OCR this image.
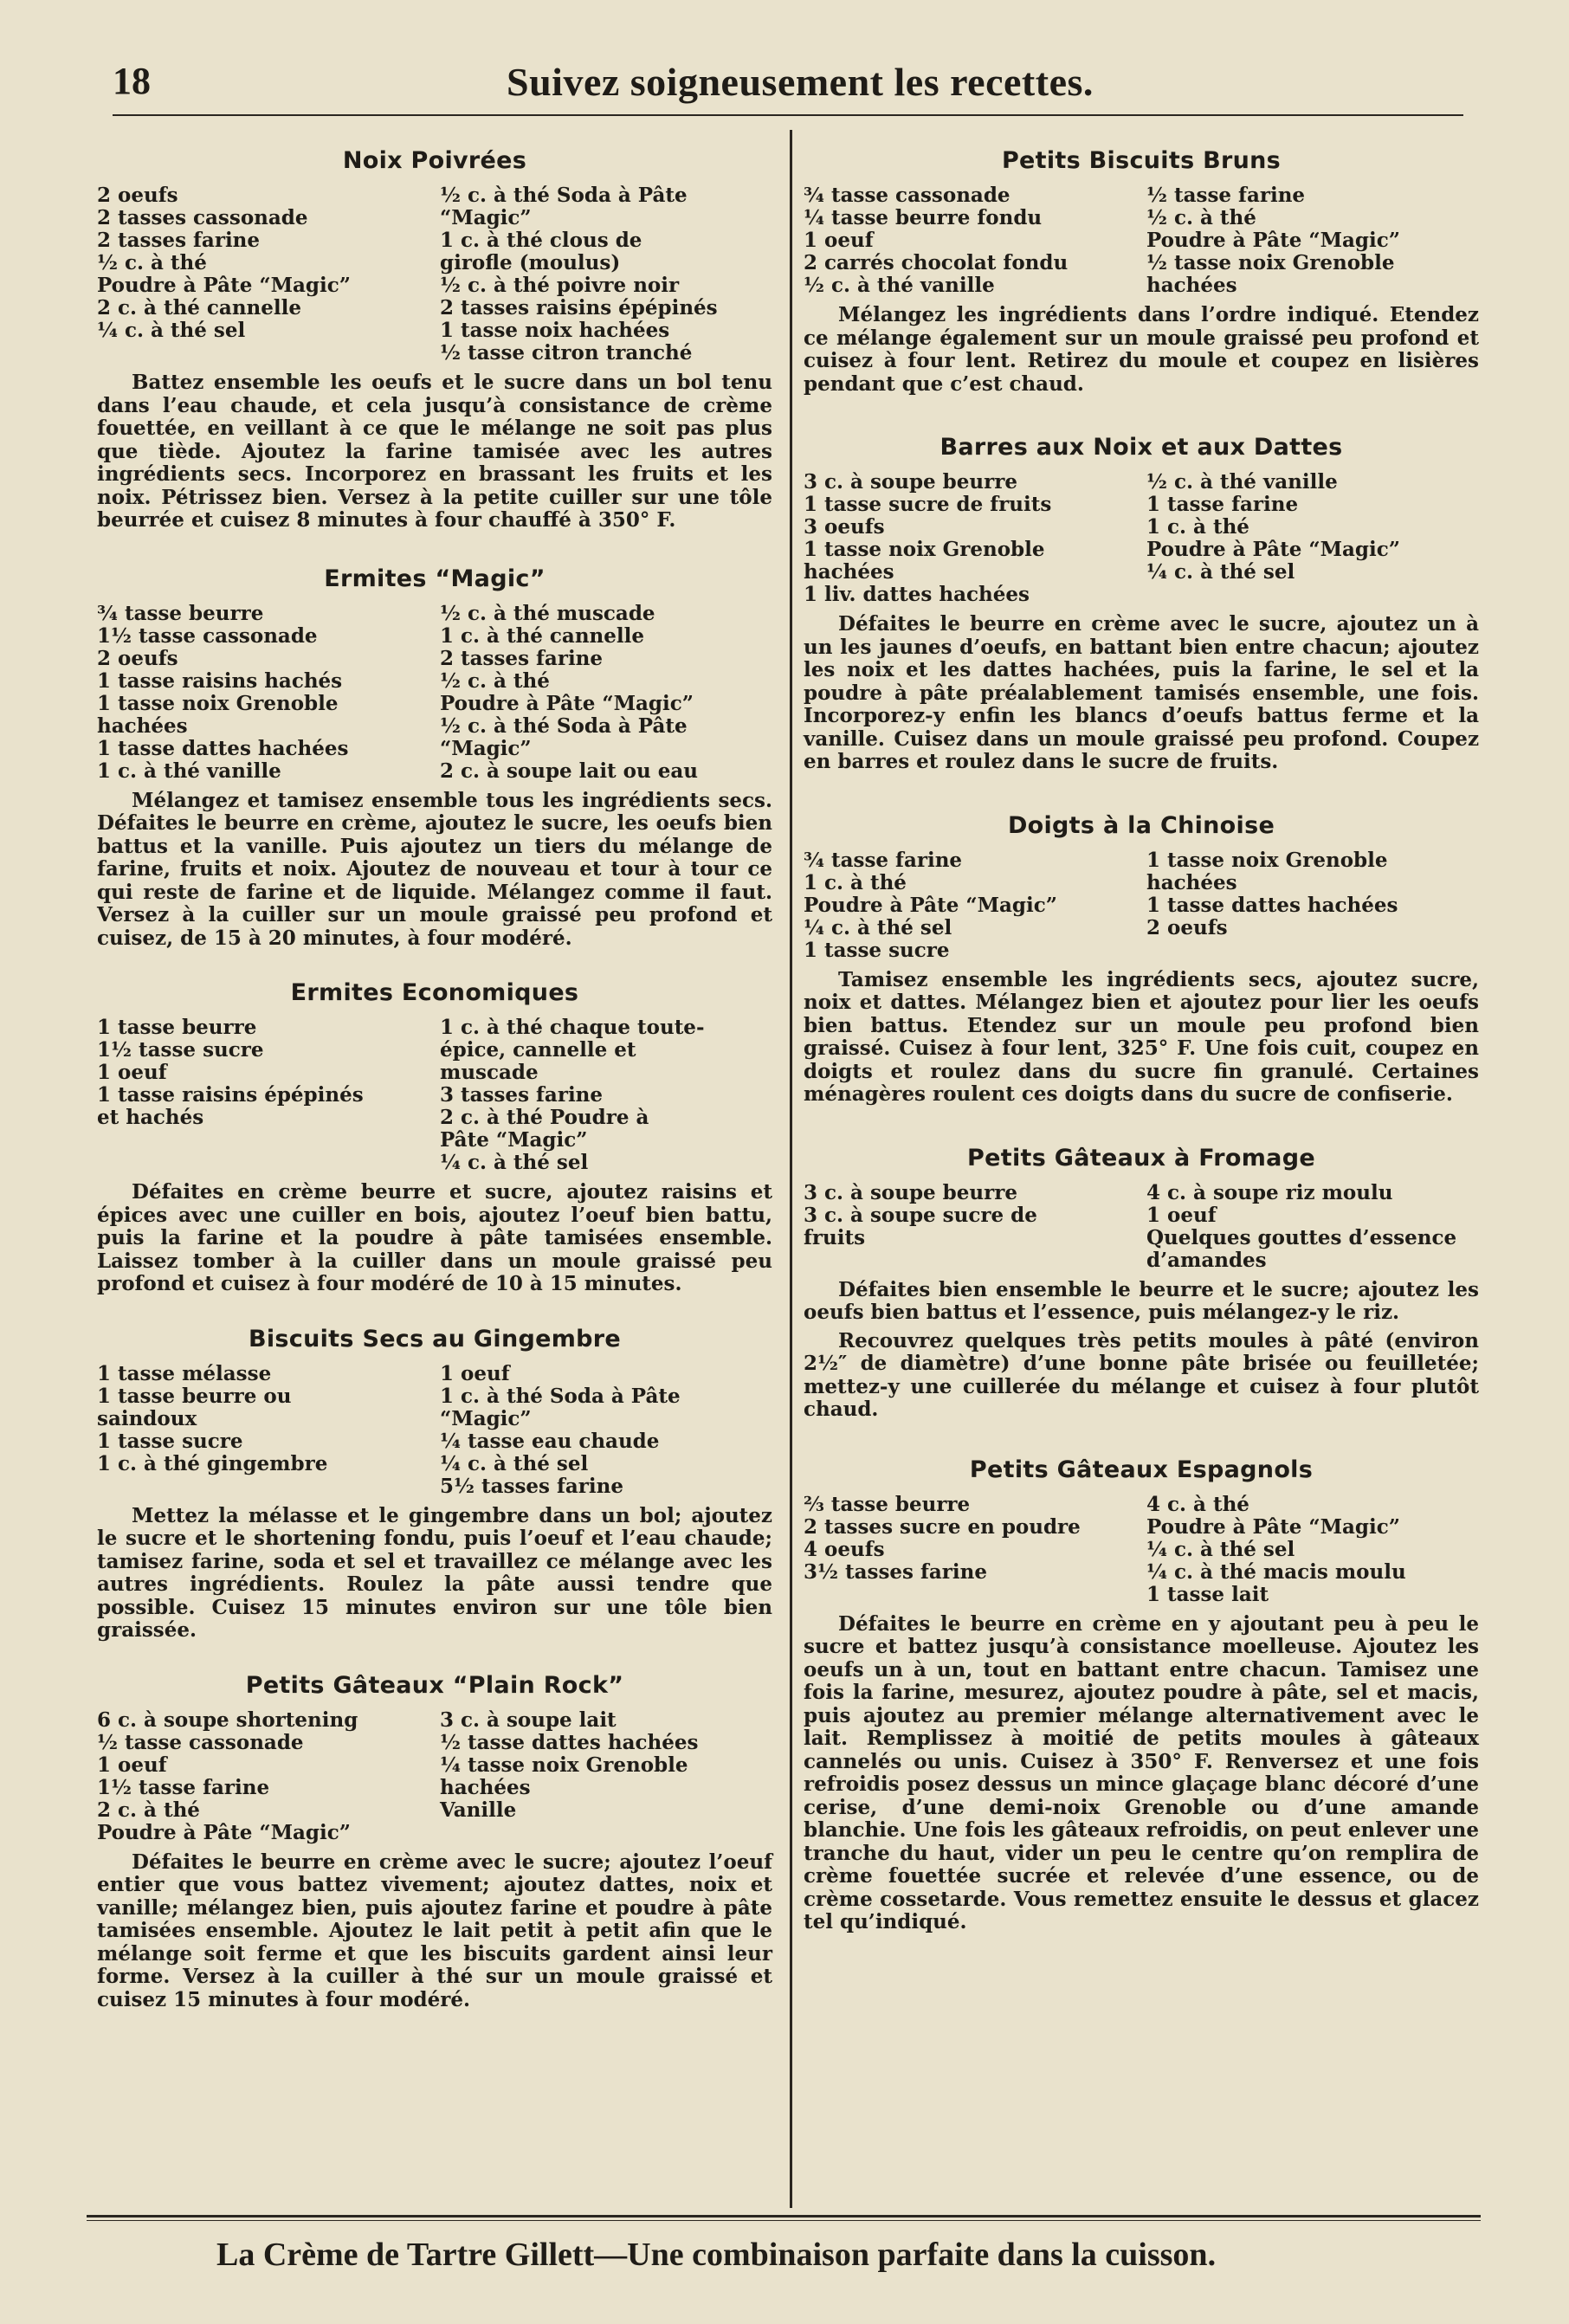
18	Suivez soigneusement les recettes.
Noix Poivrées
2 oeufs
2 tasses cassonade
2 tasses farine
½ c. à thé
Poudre à Pâte “Magic”
2 c. à thé cannelle
¼ c. à thé sel
½ c. à thé Soda à Pâte
“Magic”
1 c. à thé clous de
girofle (moulus)
½ c. à thé poivre noir
2 tasses raisins épépinés
1 tasse noix hachées
½ tasse citron tranché

Battez ensemble les oeufs et le sucre dans un bol tenu dans l’eau chaude, et cela jusqu’à consistance de crème fouettée, en veillant à ce que le mélange ne soit pas plus que tiède. Ajoutez la farine tamisée avec les autres ingrédients secs. Incorporez en brassant les fruits et les noix. Pétrissez bien. Versez à la petite cuiller sur une tôle beurrée et cuisez 8 minutes à four chauffé à 350° F.

Ermites “Magic”
¾ tasse beurre
1½ tasse cassonade
2 oeufs
1 tasse raisins hachés
1 tasse noix Grenoble
hachées
1 tasse dattes hachées
1 c. à thé vanille
½ c. à thé muscade
1 c. à thé cannelle
2 tasses farine
½ c. à thé
Poudre à Pâte “Magic”
½ c. à thé Soda à Pâte
“Magic”
2 c. à soupe lait ou eau

Mélangez et tamisez ensemble tous les ingrédients secs. Défaites le beurre en crème, ajoutez le sucre, les oeufs bien battus et la vanille. Puis ajoutez un tiers du mélange de farine, fruits et noix. Ajoutez de nouveau et tour à tour ce qui reste de farine et de liquide. Mélangez comme il faut. Versez à la cuiller sur un moule graissé peu profond et cuisez, de 15 à 20 minutes, à four modéré.

Ermites Economiques
1 tasse beurre
1½ tasse sucre
1 oeuf
1 tasse raisins épépinés
et hachés
1 c. à thé chaque toute-
épice, cannelle et
muscade
3 tasses farine
2 c. à thé Poudre à
Pâte “Magic”
¼ c. à thé sel

Défaites en crème beurre et sucre, ajoutez raisins et épices avec une cuiller en bois, ajoutez l’oeuf bien battu, puis la farine et la poudre à pâte tamisées ensemble. Laissez tomber à la cuiller dans un moule graissé peu profond et cuisez à four modéré de 10 à 15 minutes.

Biscuits Secs au Gingembre
1 tasse mélasse
1 tasse beurre ou
saindoux
1 tasse sucre
1 c. à thé gingembre
1 oeuf
1 c. à thé Soda à Pâte
“Magic”
¼ tasse eau chaude
¼ c. à thé sel
5½ tasses farine

Mettez la mélasse et le gingembre dans un bol; ajoutez le sucre et le shortening fondu, puis l’oeuf et l’eau chaude; tamisez farine, soda et sel et travaillez ce mélange avec les autres ingrédients. Roulez la pâte aussi tendre que possible. Cuisez 15 minutes environ sur une tôle bien graissée.

Petits Gâteaux “Plain Rock”
6 c. à soupe shortening
½ tasse cassonade
1 oeuf
1½ tasse farine
2 c. à thé
Poudre à Pâte “Magic”
3 c. à soupe lait
½ tasse dattes hachées
¼ tasse noix Grenoble
hachées
Vanille

Défaites le beurre en crème avec le sucre; ajoutez l’oeuf entier que vous battez vivement; ajoutez dattes, noix et vanille; mélangez bien, puis ajoutez farine et poudre à pâte tamisées ensemble. Ajoutez le lait petit à petit afin que le mélange soit ferme et que les biscuits gardent ainsi leur forme. Versez à la cuiller à thé sur un moule graissé et cuisez 15 minutes à four modéré.

Petits Biscuits Bruns
¾ tasse cassonade
¼ tasse beurre fondu
1 oeuf
2 carrés chocolat fondu
½ c. à thé vanille
½ tasse farine
½ c. à thé
Poudre à Pâte “Magic”
½ tasse noix Grenoble
hachées

Mélangez les ingrédients dans l’ordre indiqué. Etendez ce mélange également sur un moule graissé peu profond et cuisez à four lent. Retirez du moule et coupez en lisières pendant que c’est chaud.

Barres aux Noix et aux Dattes
3 c. à soupe beurre
1 tasse sucre de fruits
3 oeufs
1 tasse noix Grenoble
hachées
1 liv. dattes hachées
½ c. à thé vanille
1 tasse farine
1 c. à thé
Poudre à Pâte “Magic”
¼ c. à thé sel

Défaites le beurre en crème avec le sucre, ajoutez un à un les jaunes d’oeufs, en battant bien entre chacun; ajoutez les noix et les dattes hachées, puis la farine, le sel et la poudre à pâte préalablement tamisés ensemble, une fois. Incorporez-y enfin les blancs d’oeufs battus ferme et la vanille. Cuisez dans un moule graissé peu profond. Coupez en barres et roulez dans le sucre de fruits.

Doigts à la Chinoise
¾ tasse farine
1 c. à thé
Poudre à Pâte “Magic”
¼ c. à thé sel
1 tasse sucre
1 tasse noix Grenoble
hachées
1 tasse dattes hachées
2 oeufs

Tamisez ensemble les ingrédients secs, ajoutez sucre, noix et dattes. Mélangez bien et ajoutez pour lier les oeufs bien battus. Etendez sur un moule peu profond bien graissé. Cuisez à four lent, 325° F. Une fois cuit, coupez en doigts et roulez dans du sucre fin granulé. Certaines ménagères roulent ces doigts dans du sucre de confiserie.

Petits Gâteaux à Fromage
3 c. à soupe beurre
3 c. à soupe sucre de
fruits
4 c. à soupe riz moulu
1 oeuf
Quelques gouttes d’essence
d’amandes

Défaites bien ensemble le beurre et le sucre; ajoutez les oeufs bien battus et l’essence, puis mélangez-y le riz.

Recouvrez quelques très petits moules à pâté (environ 2½″ de diamètre) d’une bonne pâte brisée ou feuilletée; mettez-y une cuillerée du mélange et cuisez à four plutôt chaud.

Petits Gâteaux Espagnols
⅔ tasse beurre
2 tasses sucre en poudre
4 oeufs
3½ tasses farine
4 c. à thé
Poudre à Pâte “Magic”
¼ c. à thé sel
¼ c. à thé macis moulu
1 tasse lait

Défaites le beurre en crème en y ajoutant peu à peu le sucre et battez jusqu’à consistance moelleuse. Ajoutez les oeufs un à un, tout en battant entre chacun. Tamisez une fois la farine, mesurez, ajoutez poudre à pâte, sel et macis, puis ajoutez au premier mélange alternativement avec le lait. Remplissez à moitié de petits moules à gâteaux cannelés ou unis. Cuisez à 350° F. Renversez et une fois refroidis posez dessus un mince glaçage blanc décoré d’une cerise, d’une demi-noix Grenoble ou d’une amande blanchie. Une fois les gâteaux refroidis, on peut enlever une tranche du haut, vider un peu le centre qu’on remplira de crème fouettée sucrée et relevée d’une essence, ou de crème cossetarde. Vous remettez ensuite le dessus et glacez tel qu’indiqué.

La Crème de Tartre Gillett—Une combinaison parfaite dans la cuisson.
